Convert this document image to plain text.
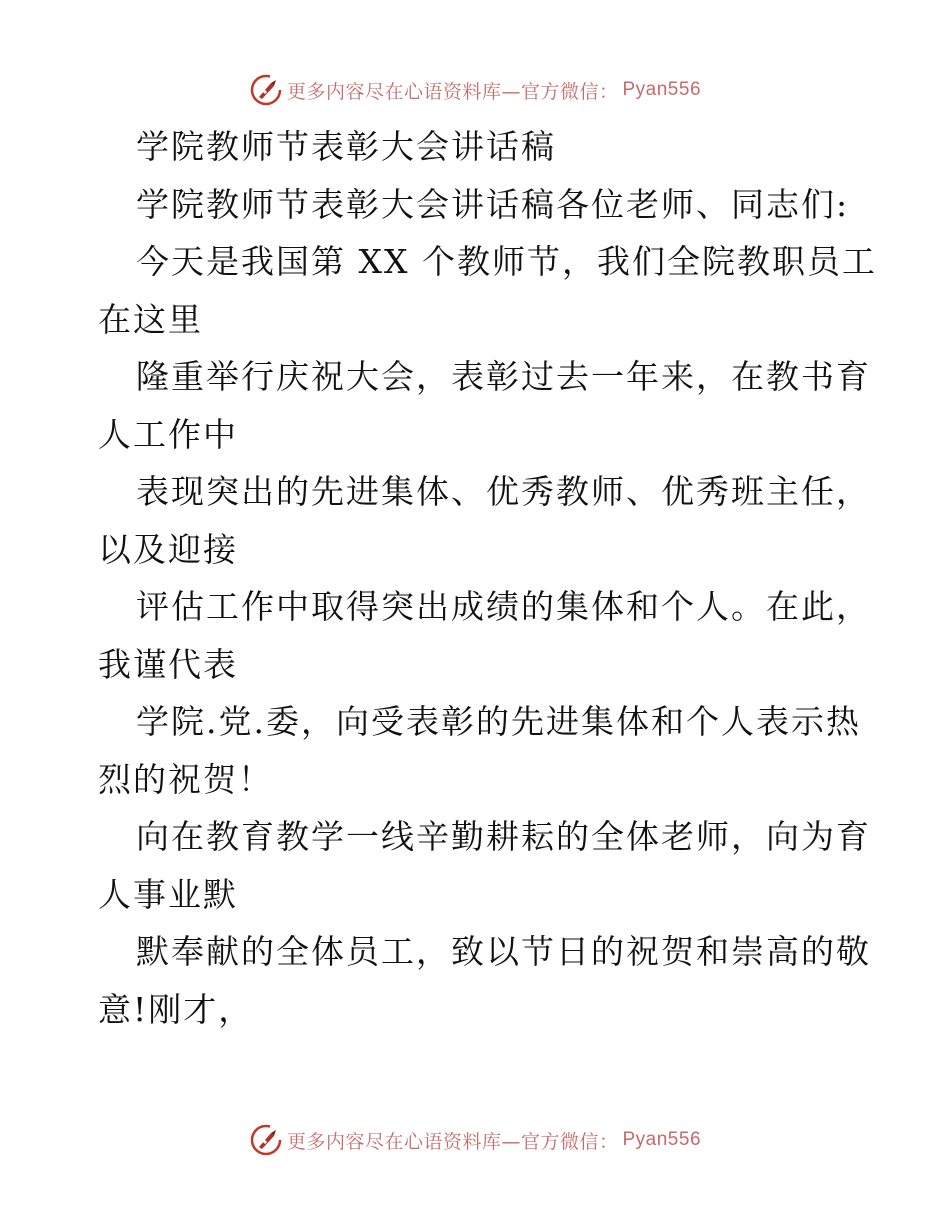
更多内容尽在心语资料库—官方微信： Pyan556
学院教师节表彰大会讲话稿
学院教师节表彰大会讲话稿各位老师、同志们:
今天是我国第 XX 个教师节，我们全院教职员工
在这里
隆重举行庆祝大会，表彰过去一年来，在教书育
人工作中
表现突出的先进集体、优秀教师、优秀班主任，
以及迎接
评估工作中取得突出成绩的集体和个人。在此，
我谨代表
学院.党.委，向受表彰的先进集体和个人表示热
烈的祝贺！
向在教育教学一线辛勤耕耘的全体老师，向为育
人事业默
默奉献的全体员工，致以节日的祝贺和崇高的敬
意!刚才，
更多内容尽在心语资料库—官方微信： Pyan556
